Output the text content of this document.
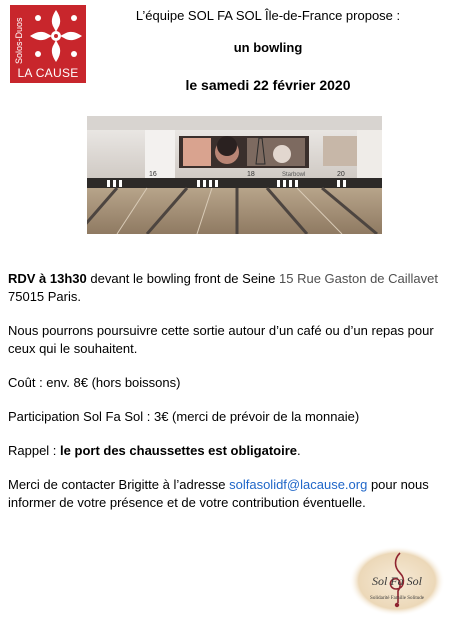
Solos-Duos
LA CAUSE
L’équipe SOL FA SOL Île-de-France propose :
un bowling
le samedi 22 février 2020
16	18	20
Starbowl

RDV à 13h30 devant le bowling front de Seine 15 Rue Gaston de Caillavet
75015 Paris.

Nous pourrons poursuivre cette sortie autour d’un café ou d’un repas pour ceux qui le souhaitent.

Coût : env. 8€ (hors boissons)

Participation Sol Fa Sol : 3€ (merci de prévoir de la monnaie)

Rappel : le port des chaussettes est obligatoire.

Merci de contacter Brigitte à l’adresse solfasolidf@lacause.org pour nous informer de votre présence et de votre contribution éventuelle.

Sol Fa Sol
Solidarité Famille Solitude
